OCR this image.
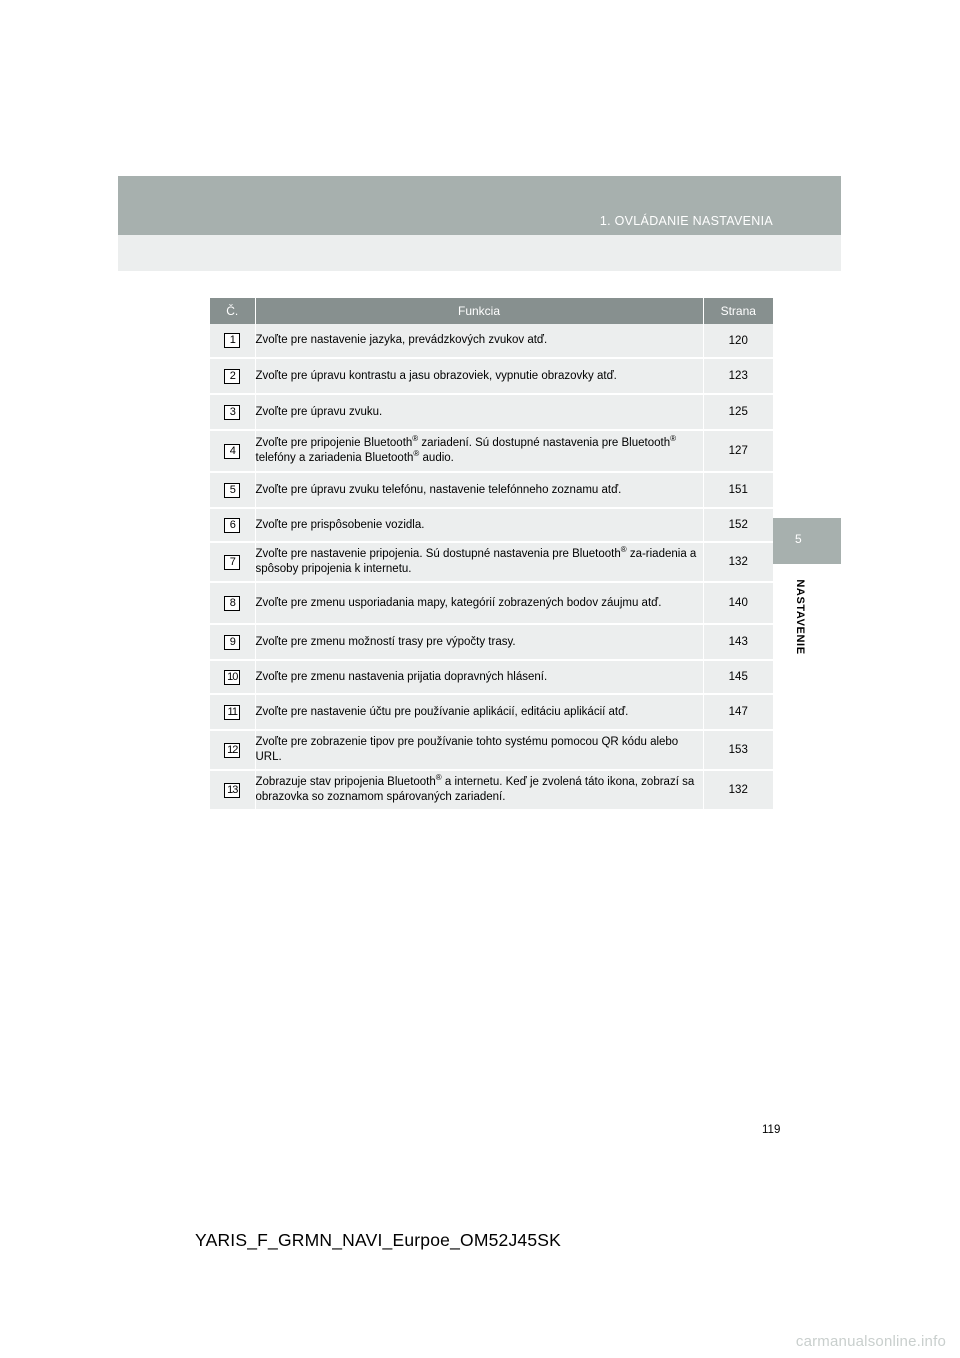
1. OVLÁDANIE NASTAVENIA
5
NASTAVENIE
Č.	Funkcia	Strana
1	Zvoľte pre nastavenie jazyka, prevádzkových zvukov atď.	120
2	Zvoľte pre úpravu kontrastu a jasu obrazoviek, vypnutie obrazovky atď.	123
3	Zvoľte pre úpravu zvuku.	125
4	Zvoľte pre pripojenie Bluetooth® zariadení. Sú dostupné nastavenia pre Bluetooth® telefóny a zariadenia Bluetooth® audio.	127
5	Zvoľte pre úpravu zvuku telefónu, nastavenie telefónneho zoznamu atď.	151
6	Zvoľte pre prispôsobenie vozidla.	152
7	Zvoľte pre nastavenie pripojenia. Sú dostupné nastavenia pre Bluetooth® za-riadenia a spôsoby pripojenia k internetu.	132
8	Zvoľte pre zmenu usporiadania mapy, kategórií zobrazených bodov záujmu atď.	140
9	Zvoľte pre zmenu možností trasy pre výpočty trasy.	143
10	Zvoľte pre zmenu nastavenia prijatia dopravných hlásení.	145
11	Zvoľte pre nastavenie účtu pre používanie aplikácií, editáciu aplikácií atď.	147
12	Zvoľte pre zobrazenie tipov pre používanie tohto systému pomocou QR kódu alebo URL.	153
13	Zobrazuje stav pripojenia Bluetooth® a internetu. Keď je zvolená táto ikona, zobrazí sa obrazovka so zoznamom spárovaných zariadení.	132
119
YARIS_F_GRMN_NAVI_Eurpoe_OM52J45SK
carmanualsonline.info
